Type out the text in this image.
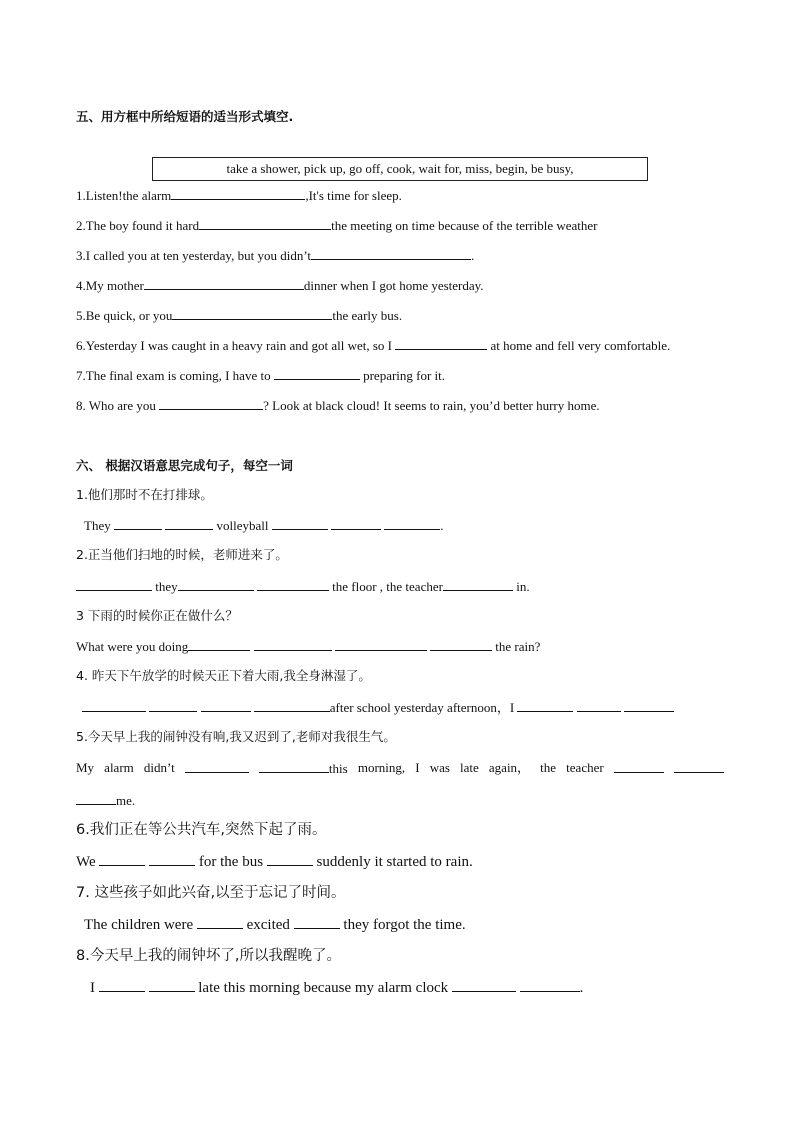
五、用方框中所给短语的适当形式填空.
take a shower, pick up, go off, cook, wait for, miss, begin, be busy,
1.Listen!the alarm	,It's time for sleep.
2.The boy found it hard	the meeting on time because of the terrible weather
3.I called you at ten yesterday, but you didn’t	.
4.My mother	dinner when I got home yesterday.
5.Be quick, or you	the early bus.
6.Yesterday I was caught in a heavy rain and got all wet, so I	at home and fell very comfortable.
7.The final exam is coming, I have to	preparing for it.
8. Who are you	? Look at black cloud! It seems to rain, you’d better hurry home.
六、 根据汉语意思完成句子，每空一词
1.他们那时不在打排球。
They	volleyball	.
2.正当他们扫地的时候，老师进来了。
they	the floor , the teacher	in.
3 下雨的时候你正在做什么？
What were you doing	the rain?
4. 昨天下午放学的时候天正下着大雨,我全身淋湿了。
after school yesterday afternoon，I
5.今天早上我的闹钟没有响,我又迟到了,老师对我很生气。
My alarm didn’t	this morning, I was late again， the teacher
me.
6.我们正在等公共汽车,突然下起了雨。
We	for the bus	suddenly it started to rain.
7. 这些孩子如此兴奋,以至于忘记了时间。
The children were	excited	they forgot the time.
8.今天早上我的闹钟坏了,所以我醒晚了。
I	late this morning because my alarm clock	.
